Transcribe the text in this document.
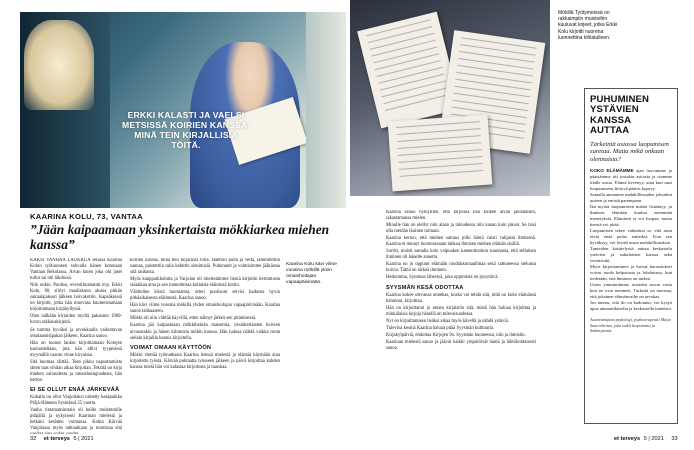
ERKKI KALASTI JA VAELSI METSISSÄ KOIRIEN KANSSA, MINÄ TEIN KIRJALLISIA TÖITÄ.
Mökillä Työtymeissä on rakkaimpiin muistoihin kuuluvat kirjeet, jotka Erkki Kolu kirjoitti nuorena luonnettina kihlatulleen.
KAARINA KOLU, 73, VANTAA
”Jään kaipaamaan yksinkertaista mökkiarkea miehen kanssa”

KAKSI VANHAA LAUKKUA selässä Kaarina Kolun työhuoneen sohvalla hänen kotonaan Vantaan Rekolassa. Aivan kuten joka ohi jaset tullut sai ohi lähdössä.

Niin onkin. Puoliso, everstiluutnantti evp. Erkki Kolu, 80, siirtyi maaliskuun alussa pitkän sairaalajakson jälkeen hoivakotiin. Kapsäkeissä on kirjoitit, jotka hän muovasa kuumeistamaan kirjoittamaan kirjahyllyssä.

Olen nälkään kirjoiden myötä pakannut 1960-luvun rakkauskirjeitä.

Se tumma hyväksi ja arvokkaalla vaikuttavan omalaatuisipakan jälkeen, Kaarina sanoo.

Hän on tuonut laukut kirjoittamaan Kotojen kasiuudeltaan, jota hän allivi tyypesissä myymällä vaaran vinne kirvaissa.

Sitä huomaa räittää. Teen pikku napsuttamista stiten taas vihdan aikaa kirjoitan. Tekstiä on kirja miehen sairaudesta ja omaishoitajuudesta, hän kertoo.

EI SE OLLUT ENÄÄ JÄRKEVÄÄ

Kokalla on ollut Vanjoilaksi nimetty kesäpaikka Pöljä-Hämeen Sysmässä 25 vuotta.

Vanha rintamamiestalo oli heille molemmille pitäjältä ja nykyisesti Kaarinan mielestä ja hetkäni kerätten voimansa. Kohta Kärvää Vanjolassa myös tahtoaikaan ja tunnistaa sitä

koirien kanssa, minä tein kirjallisia töitä. Haettiin puita ja vettä, lämmitettiin saunaa, paistettiin tulia kehittin sienimisiä. Puhunneit ja valmisimme jääkästaa sitä rauhassa.

Myös kauppaikkolutta ja Varjolan oli mielestämme lieniä kirjoitin kertomusta sisäaikaa aina ja sen tunnelmissa kultaista eläimistä kotiin.

Vähitellen kiistä huomattua, etteri puolisoni selvisi kaikesta hyvin pitkäaikaisesta eläimestä. Kaarina sanoo.

Hän kävi viime vuosina mökillä yhden omaishoitajan vapaapäivinään. Kaarina sanoo lahkaaseen.

Mökki oli niin välttää käyvillä, etten nähnyt järkeä sen pitämisessä.

Kaarina jää kaipaamaan mökkiheinän maisemia, yksinkertaisten hoivien arvaustakin ja hänen kiintoisia mökin kanssa. Hän haluaa nähdä vaikka ruuta sielain kirjailla kaunis kirjoitella.

VOIMAT OMAAN KÄYTTÖÖN

Mökin viettää työmatkasta Kaarina itsessä mielestä ja elämää käymään aina kirjoitettu työstä. Kärvää puhtaatta työsseen jälkeen ja päivä kirjoittaa kahden kanssa mielä hän voi kalastaa kirjoitusta ja hauskaa.

Kaarina Kolu kävi viime vuosina mökillä yksin omaishoitajan vapaapäivinään.

Kaarina sanoo hymyillen, että kirjoissa hän kulkee aivan jännalaisen, rakastamansa mielen.

Minulle hän on elellyt niin alaan ja taloudessa niin kauan kuin jaksoi. Se taisi olla meidän ikuinen tarinani.

Kaarina kertoo, että miehen sairaus pilki häntä vaisti vahjasta ihmisenä. Kaarina ei tiennyt huomioissaan tahkoa ihmisen miehen elämän sisällä.

Surritt, muisti samalla koin vaipuaken kamenttuohon suunnasta, että sellainen ihminen oli hänelle annettu.

Kaarina on jo oppinut elämään ruudukkomaailmaa sekä sattuneessa sielunsa hoivia. Tämä on tärkeä ihminen.

Hetkumma, Syntman lähestyä, joka oppimista on pysyttävä.

SYYSMÄN KESÄ ODOTTAA

Kaarina kokee olevansa onnekas, koska voi tehdä sitä, mitä on koko elämänsä halunnut, kirjoittaa.

Hän on kirjoittanut jo ennen kirjaistön sitä, mistä hän haluaa kirjoittaa ja minkälaisia kirjoja hänellä on tulevaisuudessa.

Nyt on kirjoittamisen lisäksi aikaa myös kävellä ja nähdä ystäviä.

Tulevina kesinä Kaarina haluaa pitää Syysmän kulttuuria.

Kirjakylpäiviä, ehdottaa Kirjojen 9o. Syysmän huoneessa, niin ja ihmisiin.

Kaarinan mielestä sanoo ja jäävät kaikki ympäröivät häntä ja lähtökohtaisesti sanoo.

PUHUMINEN YSTÄVIEN KANSSA AUTTAA
Tärkeintä asiassa luopumisen suretaa. Mutta mikä onkaan olennaista?

KOKO ELÄMÄMME ajan luovumme ja päästämme irti jostakin asioista ja otamme tilalle uusia. Elämä kevenyy, aina kun uusi luopumiseen liittyvä päätös kypsyy.

Samalla annamme mahdollisuuden johonkin uuteen ja entistä parempaan.

Ikä myötä luopumisten määrä lisääntyy, ja ihmisen elämään kuuluu enemmän menetyksiä. Elämästä ei voi luopua, mutta itsestä voi pitää.

Luopumisen tekee vaikeaksi se, että asiat eivät enää palaa entisiksi. Kun sen hyväksyy, voi löytää uusia mahdollisuuksia.

Tunteiden käsittelyssä auttaa keskustelu ystävien ja sukulaisten kanssa sekä vertaistuki.

Myös kirjoittaminen ja luovat harrastukset voivat tuoda helpotusta ja lohdutusta, kun tiedetään, että ihminen on tärkeä.

Usein ymmärrämme asioiden arvon vasta kun ne ovat menneet. Tärkeää on muistaa, että jokainen elämänvaihe on arvokas.

Jos tuntuu, että ilo on kadonnut, voi kysyä apua ammattilaiselta ja keskustella tunteista.

Asiantuntijana psykologi, psykoterapeutti Maija Saarenheimo, joka tutkii luopumista ja ikääntymistä.
32 et terveys 5 | 2021	et terveys 5 | 2021 33
